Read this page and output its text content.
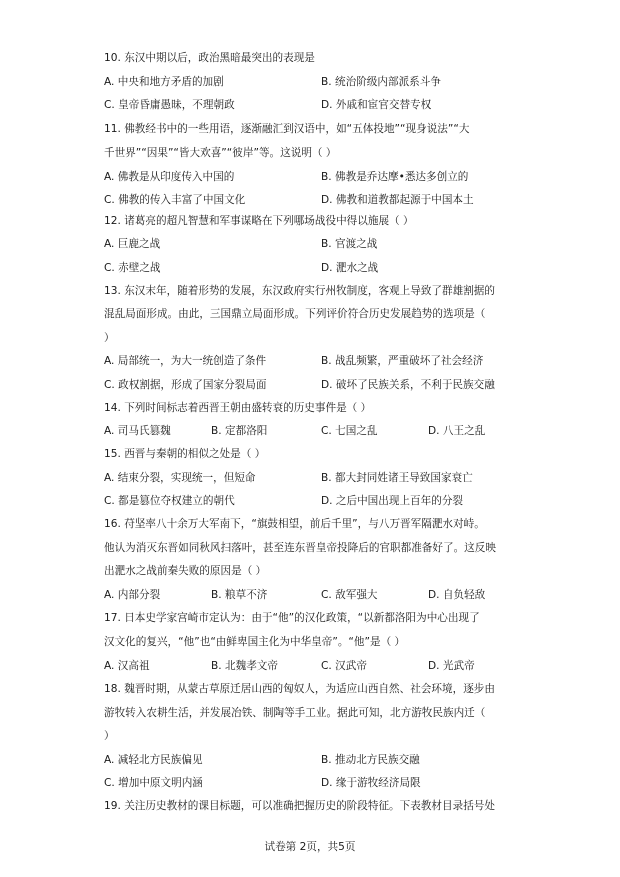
10. 东汉中期以后，政治黑暗最突出的表现是
A. 中央和地方矛盾的加剧	B. 统治阶级内部派系斗争
C. 皇帝昏庸愚昧，不理朝政	D. 外戚和宦官交替专权
11. 佛教经书中的一些用语，逐渐融汇到汉语中，如“五体投地”“现身说法”“大
千世界”“因果”“皆大欢喜”“彼岸”等。这说明（ ）
A. 佛教是从印度传入中国的	B. 佛教是乔达摩•悉达多创立的
C. 佛教的传入丰富了中国文化	D. 佛教和道教都起源于中国本土
12. 诸葛亮的超凡智慧和军事谋略在下列哪场战役中得以施展（ ）
A. 巨鹿之战	B. 官渡之战
C. 赤壁之战	D. 淝水之战
13. 东汉末年，随着形势的发展，东汉政府实行州牧制度，客观上导致了群雄割据的
混乱局面形成。由此，三国鼎立局面形成。下列评价符合历史发展趋势的选项是（
）
A. 局部统一，为大一统创造了条件	B. 战乱频繁，严重破坏了社会经济
C. 政权割据，形成了国家分裂局面	D. 破坏了民族关系，不利于民族交融
14. 下列时间标志着西晋王朝由盛转衰的历史事件是（ ）
A. 司马氏篡魏	B. 定都洛阳	C. 七国之乱	D. 八王之乱
15. 西晋与秦朝的相似之处是（ ）
A. 结束分裂，实现统一，但短命	B. 都大封同姓诸王导致国家衰亡
C. 都是篡位夺权建立的朝代	D. 之后中国出现上百年的分裂
16. 苻坚率八十余万大军南下，“旗鼓相望，前后千里”，与八万晋军隔淝水对峙。
他认为消灭东晋如同秋风扫落叶，甚至连东晋皇帝投降后的官职都准备好了。这反映
出淝水之战前秦失败的原因是（ ）
A. 内部分裂	B. 粮草不济	C. 敌军强大	D. 自负轻敌
17. 日本史学家宫崎市定认为：由于“他”的汉化政策，“以新都洛阳为中心出现了
汉文化的复兴，“他”也“由鲜卑国主化为中华皇帝”。“他”是（ ）
A. 汉高祖	B. 北魏孝文帝	C. 汉武帝	D. 光武帝
18. 魏晋时期，从蒙古草原迁居山西的匈奴人，为适应山西自然、社会环境，逐步由
游牧转入农耕生活，并发展冶铁、制陶等手工业。据此可知，北方游牧民族内迁（
）
A. 减轻北方民族偏见	B. 推动北方民族交融
C. 增加中原文明内涵	D. 缘于游牧经济局限
19. 关注历史教材的课目标题，可以准确把握历史的阶段特征。下表教材目录括号处
试卷第 2页，共5页
